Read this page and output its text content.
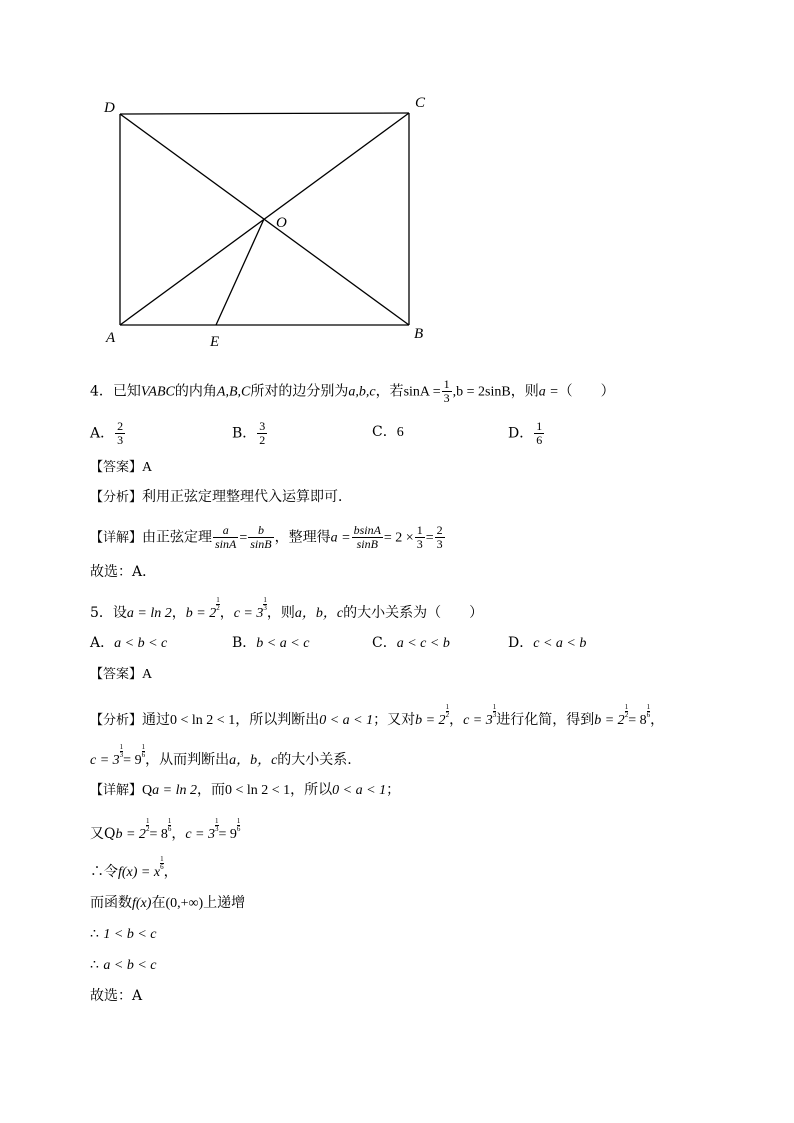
D	C
O
A	E	B
4．已知VABC的内角A,B,C所对的边分别为a,b,c，若$\sin A = \frac{1}{3} ,b = 2\sin B$，则a =（　　）
A． $\frac{2}{3}$	B． $\frac{3}{2}$	C．6	D． $\frac{1}{6}$
【答案】A
【分析】利用正弦定理整理代入运算即可．
【详解】由正弦定理 $\frac{a}{\sin A} = \frac{b}{\sin B}$ ，整理得$a = \frac{bsinA}{\sin B} = 2 \times \frac{1}{3} = \frac{2}{3}$
故选：A．
5．设a = ln 2，b = 2
$\frac{1}{2}$
，c = 3
$\frac{1}{3}$
，则a，b，c的大小关系为（　　）
A．a < b < c	B．b < a < c	C．a < c < b	D．c < a < b
【答案】A
【分析】通过0 < ln 2 < 1，所以判断出0 < a < 1；又对b = 2
$\frac{1}{2}$
，c = 3
$\frac{1}{3}$
进行化简，得到b = 2
$\frac{1}{2}$
= 8
$\frac{1}{6}$
，
c = 3
$\frac{1}{3}$
= 9
$\frac{1}{6}$
，从而判断出a，b，c的大小关系.
【详解】Qa = ln 2，而0 < ln 2 < 1，所以0 < a < 1；
又Qb = 2
$\frac{1}{2}$
= 8
$\frac{1}{6}$
，c = 3
$\frac{1}{3}$
= 9
$\frac{1}{6}$
∴令f(x) = x
$\frac{1}{6}$
，
而函数f(x)在(0,+∞)上递增
∴ 1 < b < c
∴ a < b < c
故选：A
